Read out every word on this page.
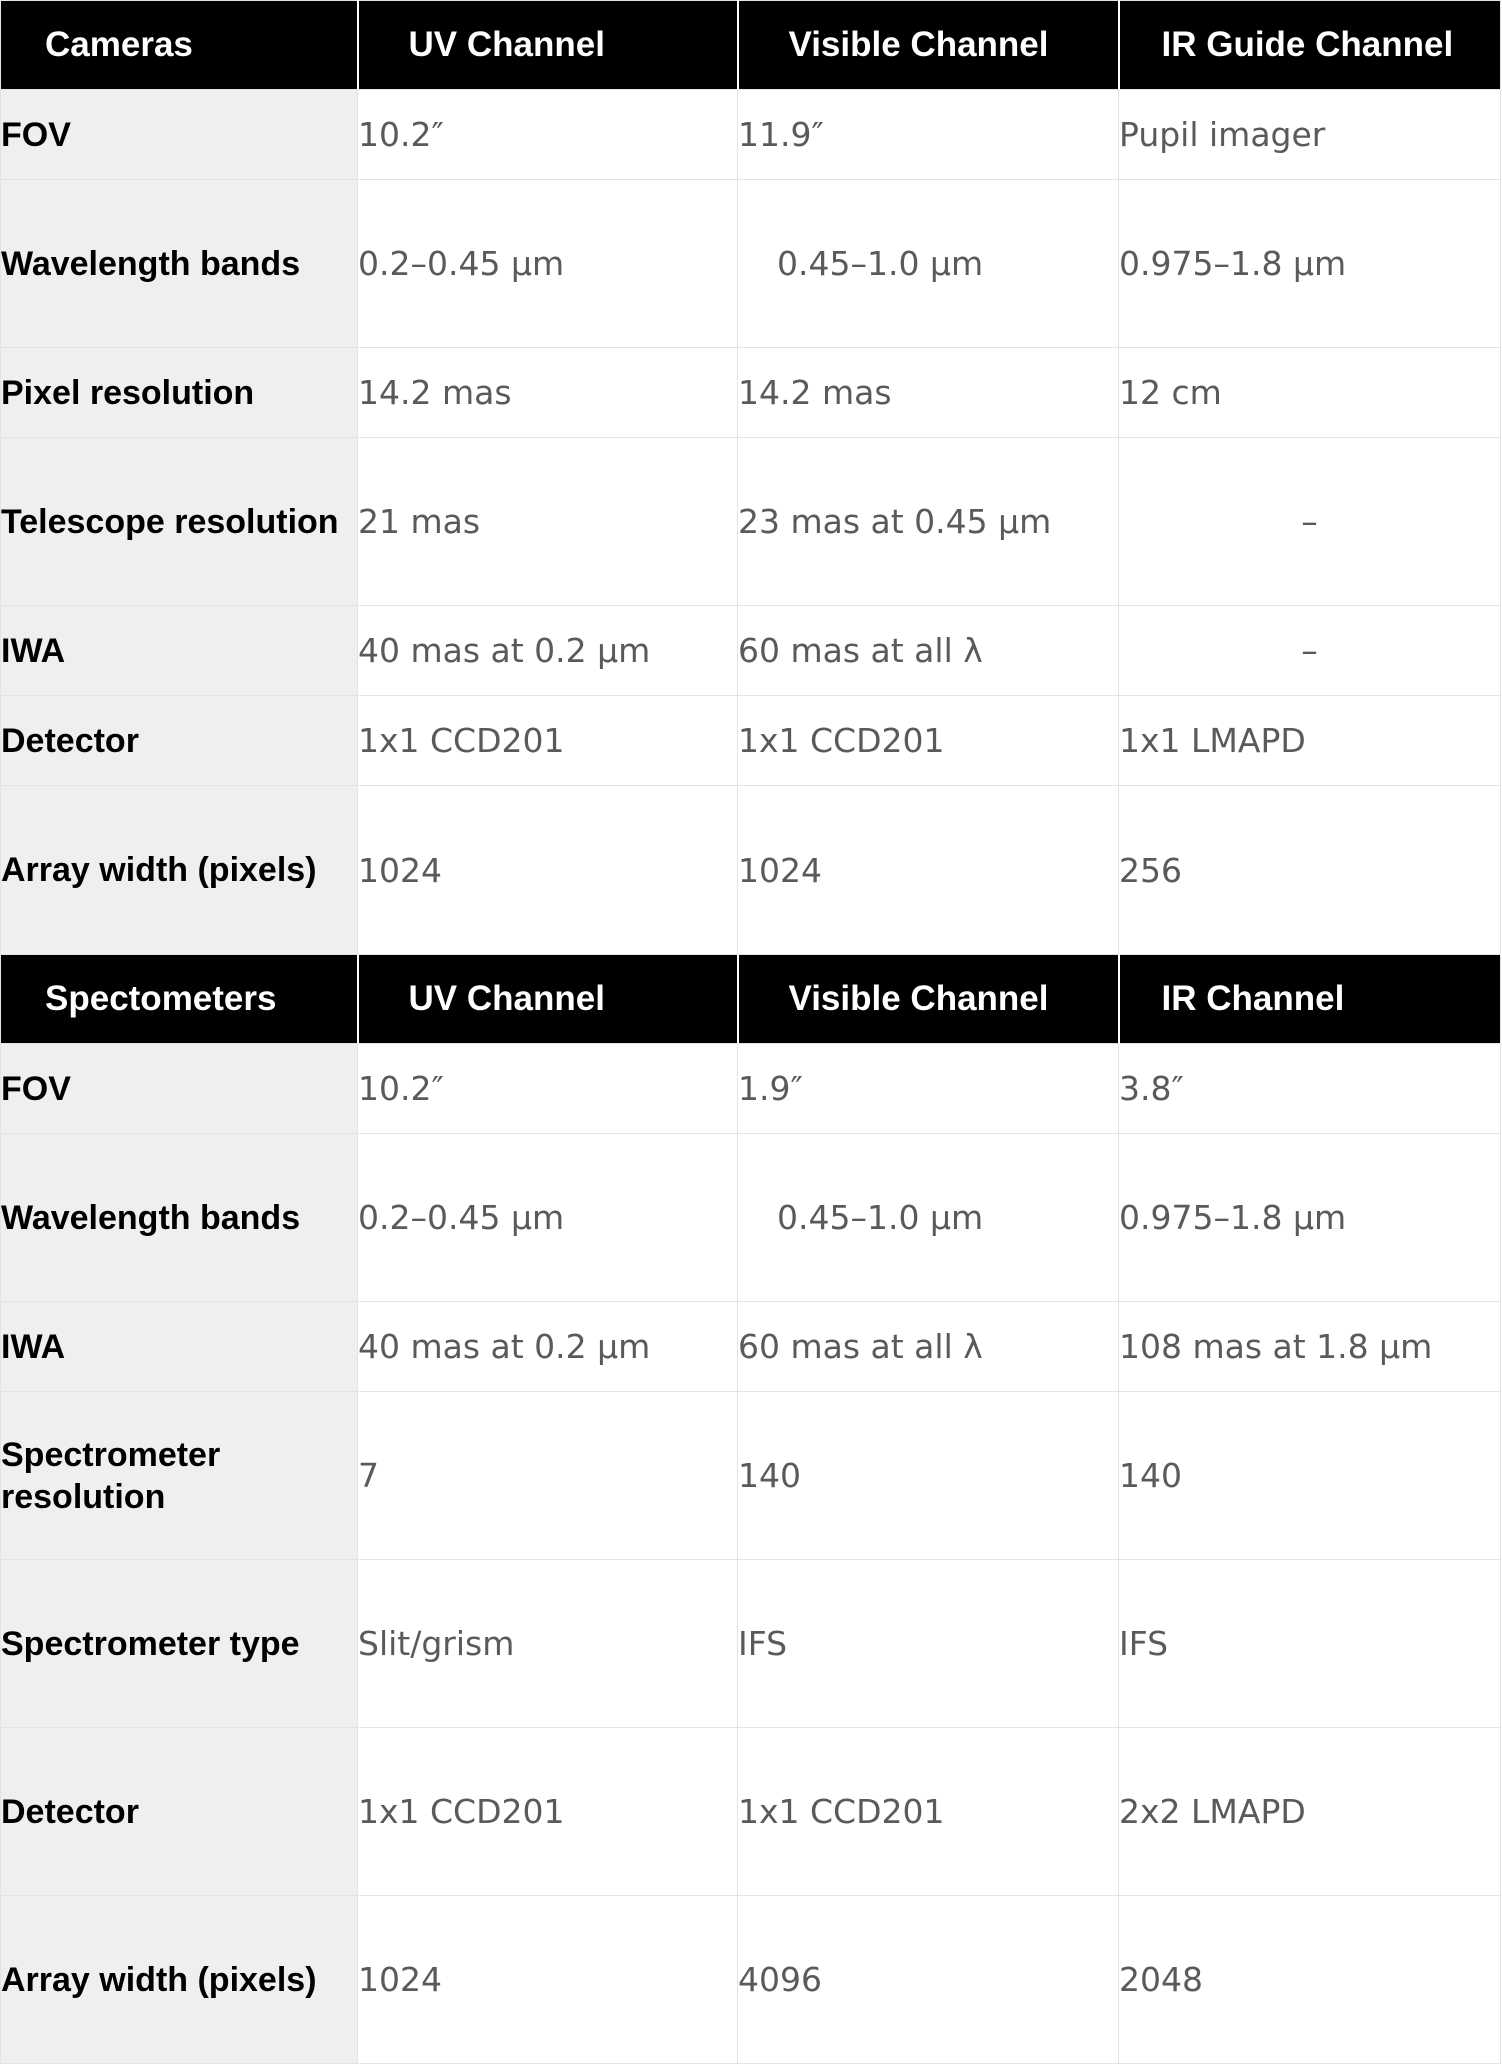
Cameras	UV Channel	Visible Channel	IR Guide Channel
FOV	10.2″	11.9″	Pupil imager
Wavelength bands	0.2–0.45 μm	0.45–1.0 μm	0.975–1.8 μm
Pixel resolution	14.2 mas	14.2 mas	12 cm
Telescope resolution	21 mas	23 mas at 0.45 μm	–
IWA	40 mas at 0.2 μm	60 mas at all λ	–
Detector	1x1 CCD201	1x1 CCD201	1x1 LMAPD
Array width (pixels)	1024	1024	256
Spectometers	UV Channel	Visible Channel	IR Channel
FOV	10.2″	1.9″	3.8″
Wavelength bands	0.2–0.45 μm	0.45–1.0 μm	0.975–1.8 μm
IWA	40 mas at 0.2 μm	60 mas at all λ	108 mas at 1.8 μm
Spectrometer resolution	7	140	140
Spectrometer type	Slit/grism	IFS	IFS
Detector	1x1 CCD201	1x1 CCD201	2x2 LMAPD
Array width (pixels)	1024	4096	2048
